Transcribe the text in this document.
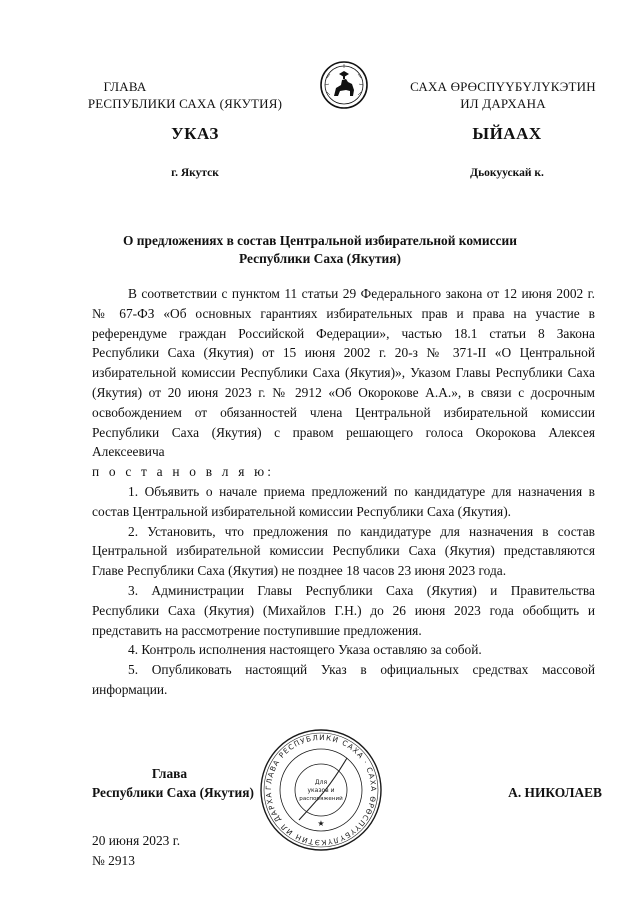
ГЛАВА
РЕСПУБЛИКИ САХА (ЯКУТИЯ)
САХА ӨРӨСПҮҮБҮЛҮКЭТИН
ИЛ ДАРХАНА
УКАЗ	ЫЙААХ
г. Якутск	Дьокуускай к.
О предложениях в состав Центральной избирательной комиссии
Республики Саха (Якутия)

В соответствии с пунктом 11 статьи 29 Федерального закона от 12 июня 2002 г. № 67-ФЗ «Об основных гарантиях избирательных прав и права на участие в референдуме граждан Российской Федерации», частью 18.1 статьи 8 Закона Республики Саха (Якутия) от 15 июня 2002 г. 20-з № 371-II «О Центральной избирательной комиссии Республики Саха (Якутия)», Указом Главы Республики Саха (Якутия) от 20 июня 2023 г. № 2912 «Об Окорокове А.А.», в связи с досрочным освобождением от обязанностей члена Центральной избирательной комиссии Республики Саха (Якутия) с правом решающего голоса Окорокова Алексея Алексеевича

п о с т а н о в л я ю:

1. Объявить о начале приема предложений по кандидатуре для назначения в состав Центральной избирательной комиссии Республики Саха (Якутия).

2. Установить, что предложения по кандидатуре для назначения в состав Центральной избирательной комиссии Республики Саха (Якутия) представляются Главе Республики Саха (Якутия) не позднее 18 часов 23 июня 2023 года.

3. Администрации Главы Республики Саха (Якутия) и Правительства Республики Саха (Якутия) (Михайлов Г.Н.) до 26 июня 2023 года обобщить и представить на рассмотрение поступившие предложения.

4. Контроль исполнения настоящего Указа оставляю за собой.

5. Опубликовать настоящий Указ в официальных средствах массовой информации.

Глава
Республики Саха (Якутия)	А. НИКОЛАЕВ
ГЛАВА РЕСПУБЛИКИ САХА · САХА ӨРӨСПҮҮБҮЛҮКЭТИН ИЛ ДАРХА
Для
указов и
распоряжений
★
20 июня 2023 г.
№ 2913
